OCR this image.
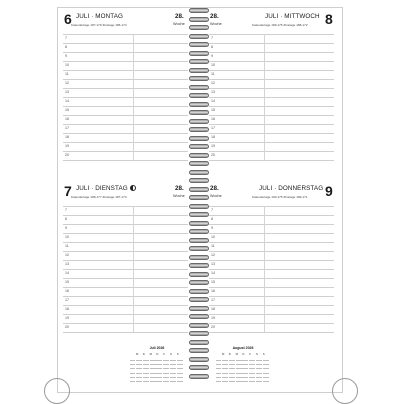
6 JULI · MONTAG	28.
Woche
Kalendertage 187-179 Zinstage 186-174
7
8
9
10
11
12
13
14
15
16
17
18
19
20
28.
Woche
JULI · MITTWOCH 8
Kalendertage 189-176 Zinstage 188-172
7
8
9
10
11
12
13
14
15
16
17
18
19
20
7 JULI · DIENSTAG	28.
Woche
Kalendertage 188-177 Zinstage 187-173
7
8
9
10
11
12
13
14
15
16
17
18
19
20
28.
Woche
JULI · DONNERSTAG 9
Kalendertage 190-175 Zinstage 189-171
7
8
9
10
11
12
13
14
15
16
17
18
19
20
Juli 2026
M D M D F S S
August 2026
M D M D F S S
